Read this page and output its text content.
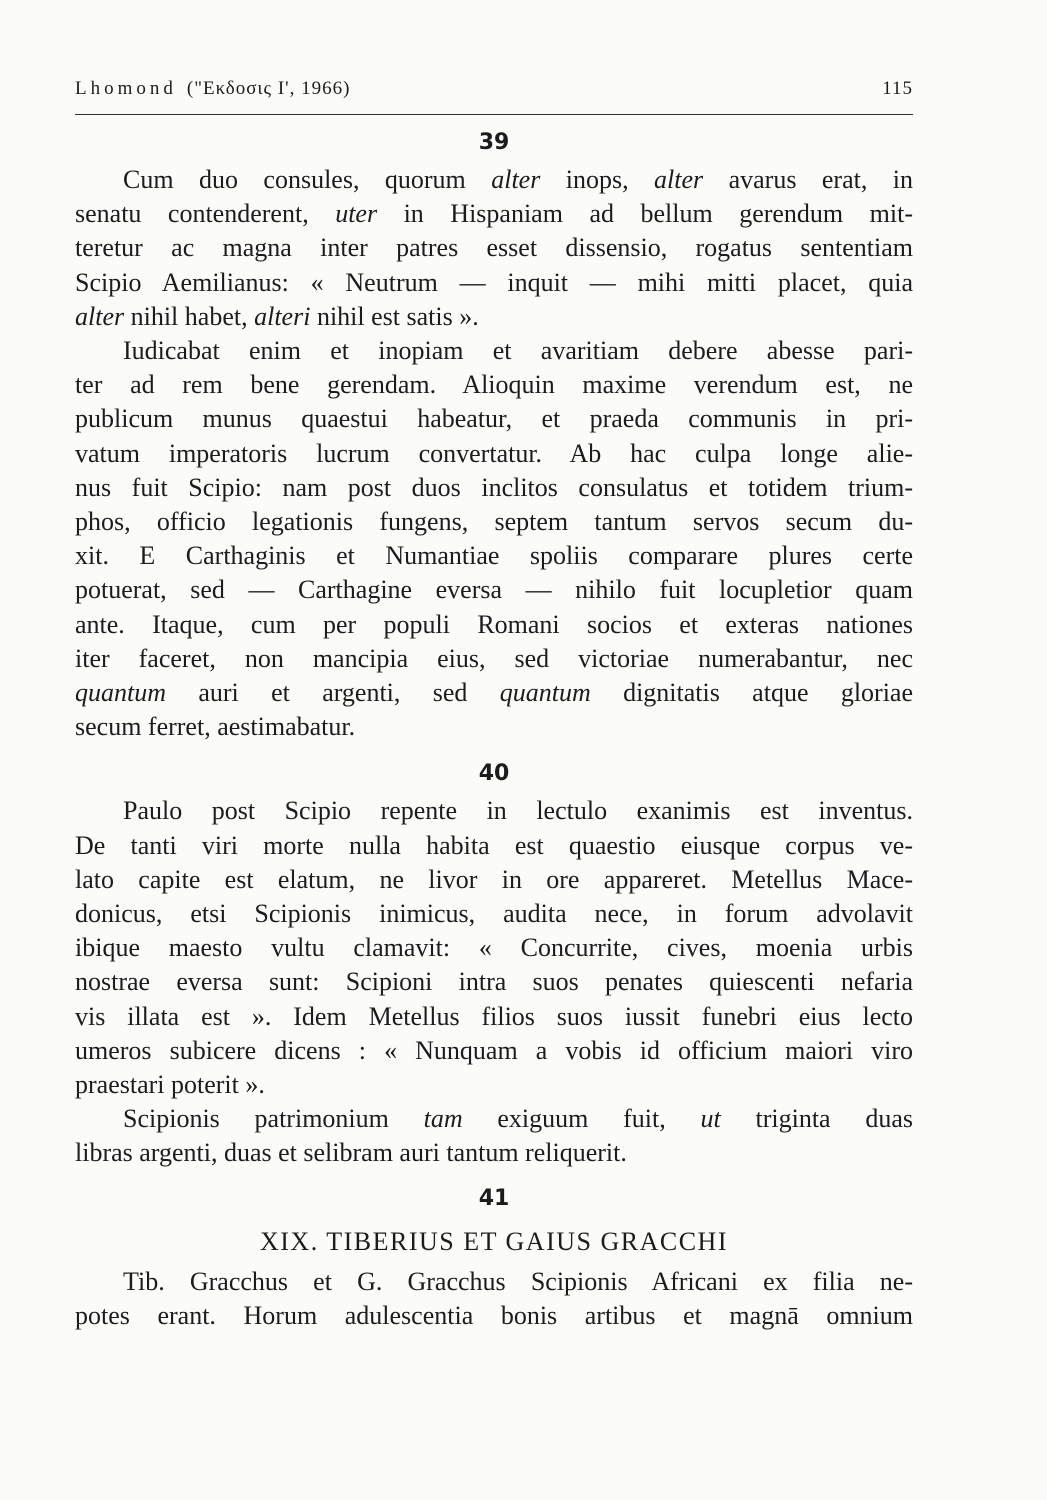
Lhomond ("Εκδοσις Ι', 1966)	115
39
Cum duo consules, quorum alter inops, alter avarus erat, in
senatu contenderent, uter in Hispaniam ad bellum gerendum mit-
teretur ac magna inter patres esset dissensio, rogatus sententiam
Scipio Aemilianus: « Neutrum — inquit — mihi mitti placet, quia
alter nihil habet, alteri nihil est satis ».
Iudicabat enim et inopiam et avaritiam debere abesse pari-
ter ad rem bene gerendam. Alioquin maxime verendum est, ne
publicum munus quaestui habeatur, et praeda communis in pri-
vatum imperatoris lucrum convertatur. Ab hac culpa longe alie-
nus fuit Scipio: nam post duos inclitos consulatus et totidem trium-
phos, officio legationis fungens, septem tantum servos secum du-
xit. E Carthaginis et Numantiae spoliis comparare plures certe
potuerat, sed — Carthagine eversa — nihilo fuit locupletior quam
ante. Itaque, cum per populi Romani socios et exteras nationes
iter faceret, non mancipia eius, sed victoriae numerabantur, nec
quantum auri et argenti, sed quantum dignitatis atque gloriae
secum ferret, aestimabatur.
40
Paulo post Scipio repente in lectulo exanimis est inventus.
De tanti viri morte nulla habita est quaestio eiusque corpus ve-
lato capite est elatum, ne livor in ore appareret. Metellus Mace-
donicus, etsi Scipionis inimicus, audita nece, in forum advolavit
ibique maesto vultu clamavit: « Concurrite, cives, moenia urbis
nostrae eversa sunt: Scipioni intra suos penates quiescenti nefaria
vis illata est ». Idem Metellus filios suos iussit funebri eius lecto
umeros subicere dicens : « Nunquam a vobis id officium maiori viro
praestari poterit ».
Scipionis patrimonium tam exiguum fuit, ut triginta duas
libras argenti, duas et selibram auri tantum reliquerit.
41
XIX. TIBERIUS ET GAIUS GRACCHI
Tib. Gracchus et G. Gracchus Scipionis Africani ex filia ne-
potes erant. Horum adulescentia bonis artibus et magnā omnium
